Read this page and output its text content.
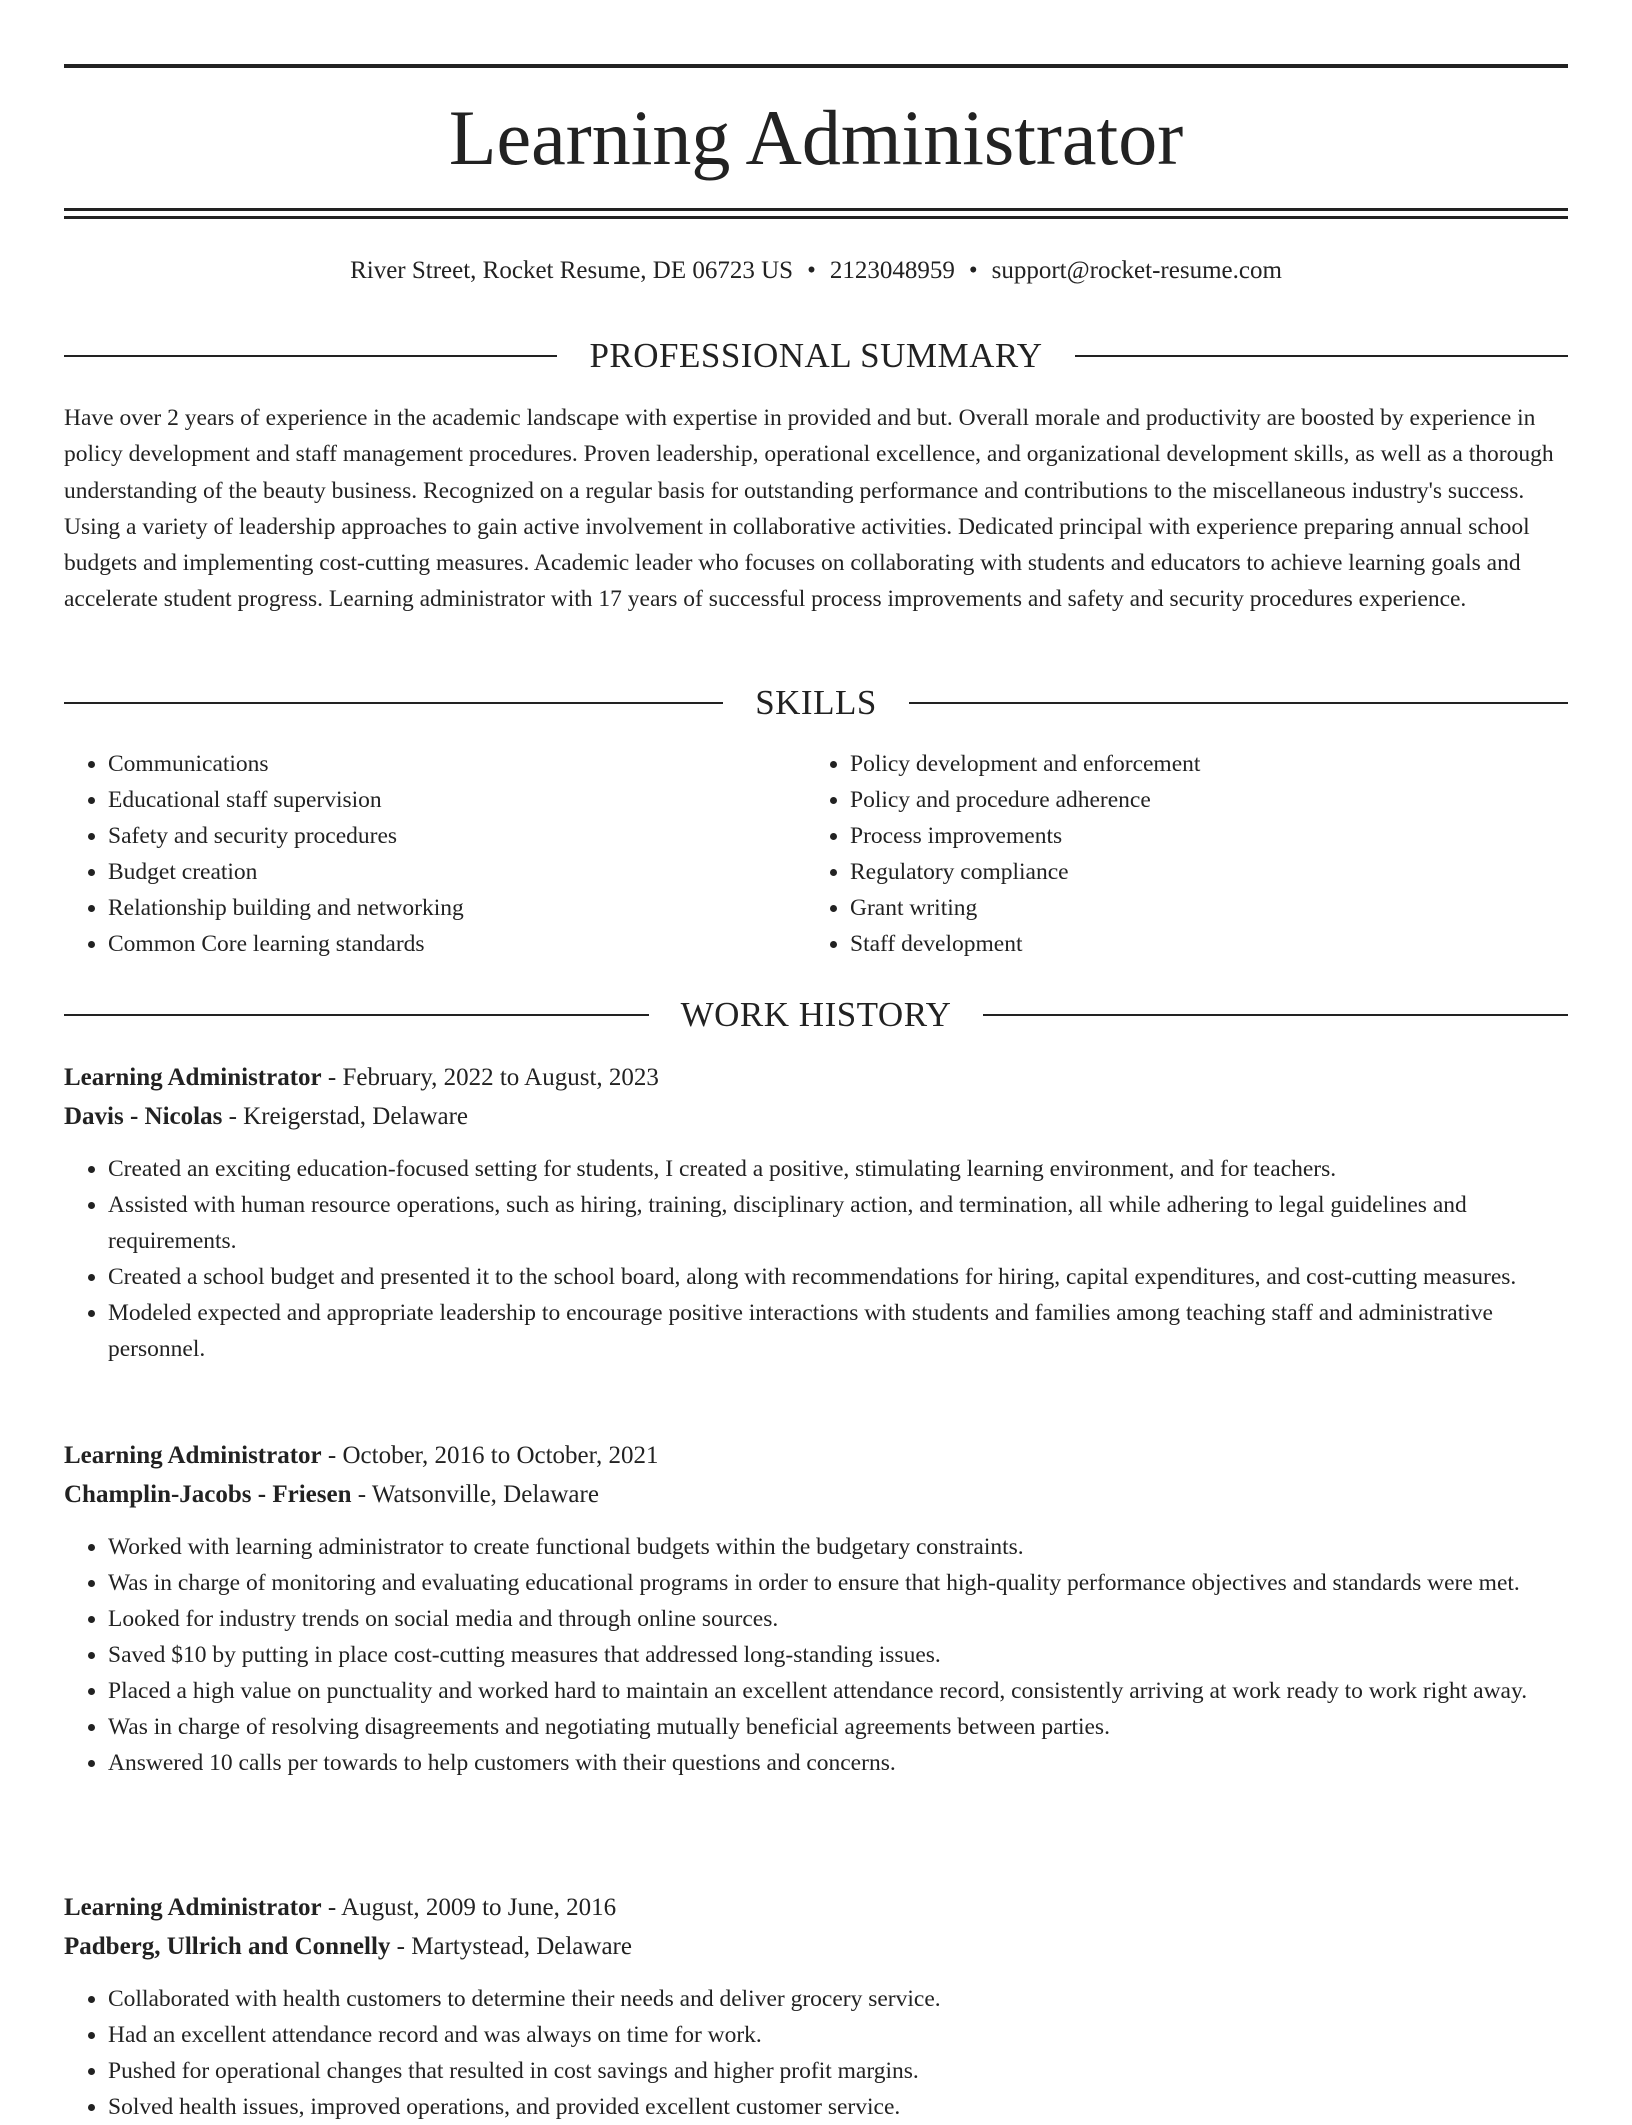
Learning Administrator
River Street, Rocket Resume, DE 06723 US • 2123048959 • support@rocket-resume.com
PROFESSIONAL SUMMARY

Have over 2 years of experience in the academic landscape with expertise in provided and but. Overall morale and productivity are boosted by experience in policy development and staff management procedures. Proven leadership, operational excellence, and organizational development skills, as well as a thorough understanding of the beauty business. Recognized on a regular basis for outstanding performance and contributions to the miscellaneous industry's success. Using a variety of leadership approaches to gain active involvement in collaborative activities. Dedicated principal with experience preparing annual school budgets and implementing cost-cutting measures. Academic leader who focuses on collaborating with students and educators to achieve learning goals and accelerate student progress. Learning administrator with 17 years of successful process improvements and safety and security procedures experience.

SKILLS
• Communications
• Educational staff supervision
• Safety and security procedures
• Budget creation
• Relationship building and networking
• Common Core learning standards
• Policy development and enforcement
• Policy and procedure adherence
• Process improvements
• Regulatory compliance
• Grant writing
• Staff development
WORK HISTORY
Learning Administrator - February, 2022 to August, 2023
Davis - Nicolas - Kreigerstad, Delaware
• Created an exciting education-focused setting for students, I created a positive, stimulating learning environment, and for teachers.
• Assisted with human resource operations, such as hiring, training, disciplinary action, and termination, all while adhering to legal guidelines and requirements.
• Created a school budget and presented it to the school board, along with recommendations for hiring, capital expenditures, and cost-cutting measures.
• Modeled expected and appropriate leadership to encourage positive interactions with students and families among teaching staff and administrative personnel.
Learning Administrator - October, 2016 to October, 2021
Champlin-Jacobs - Friesen - Watsonville, Delaware
• Worked with learning administrator to create functional budgets within the budgetary constraints.
• Was in charge of monitoring and evaluating educational programs in order to ensure that high-quality performance objectives and standards were met.
• Looked for industry trends on social media and through online sources.
• Saved $10 by putting in place cost-cutting measures that addressed long-standing issues.
• Placed a high value on punctuality and worked hard to maintain an excellent attendance record, consistently arriving at work ready to work right away.
• Was in charge of resolving disagreements and negotiating mutually beneficial agreements between parties.
• Answered 10 calls per towards to help customers with their questions and concerns.
Learning Administrator - August, 2009 to June, 2016
Padberg, Ullrich and Connelly - Martystead, Delaware
• Collaborated with health customers to determine their needs and deliver grocery service.
• Had an excellent attendance record and was always on time for work.
• Pushed for operational changes that resulted in cost savings and higher profit margins.
• Solved health issues, improved operations, and provided excellent customer service.
